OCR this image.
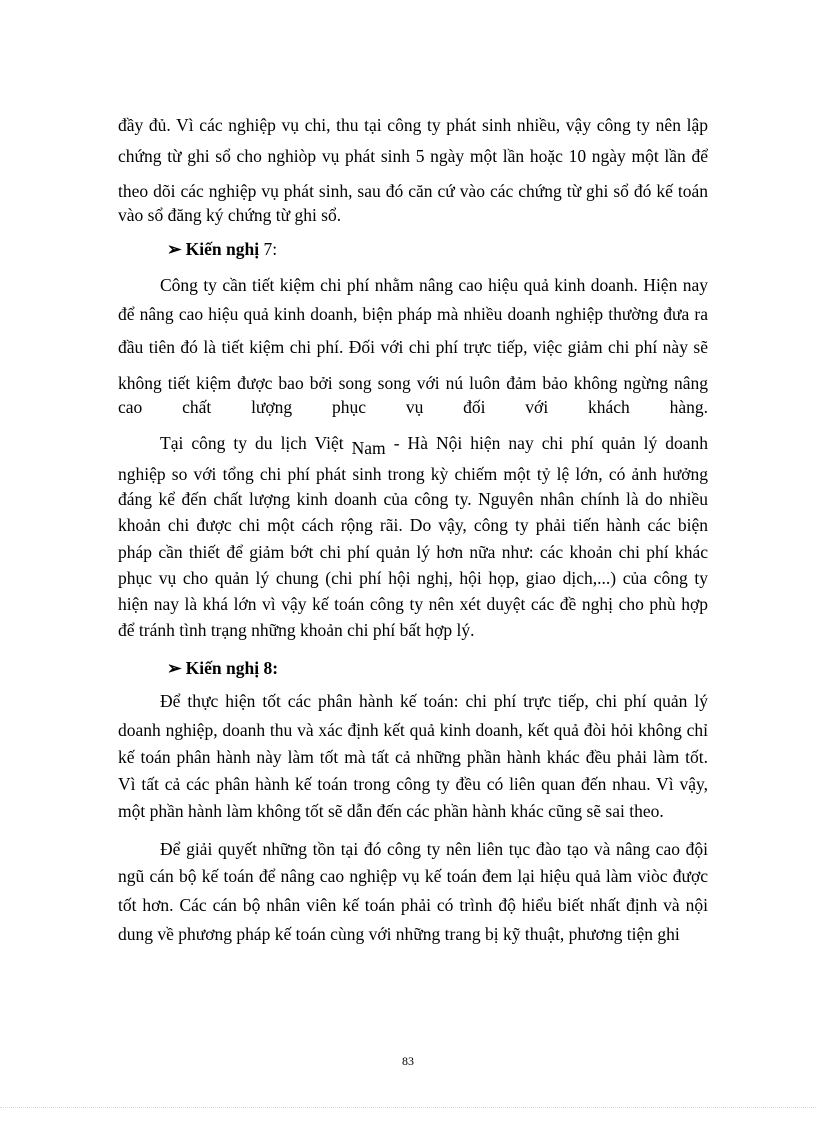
đầy đủ. Vì các nghiệp vụ chi, thu tại công ty phát sinh nhiều, vậy công ty nên lập

chứng từ ghi sổ cho nghiòp vụ phát sinh 5 ngày một lần hoặc 10 ngày một lần để

theo dõi các nghiệp vụ phát sinh, sau đó căn cứ vào các chứng từ ghi sổ đó kế toán

vào sổ đăng ký chứng từ ghi sổ.

➢ Kiến nghị 7:

Công ty cần tiết kiệm chi phí nhằm nâng cao hiệu quả kinh doanh. Hiện nay

để nâng cao hiệu quả kinh doanh, biện pháp mà nhiều doanh nghiệp thường đưa ra

đầu tiên đó là tiết kiệm chi phí. Đối với chi phí trực tiếp, việc giảm chi phí này sẽ

không tiết kiệm được bao bởi song song với nú luôn đảm bảo không ngừng nâng

cao chất lượng phục vụ đối với khách hàng.

Tại công ty du lịch Việt Nam - Hà Nội hiện nay chi phí quản lý doanh

nghiệp so với tổng chi phí phát sinh trong kỳ chiếm một tỷ lệ lớn, có ảnh hưởng

đáng kể đến chất lượng kinh doanh của công ty. Nguyên nhân chính là do nhiều

khoản chi được chi một cách rộng rãi. Do vậy, công ty phải tiến hành các biện

pháp cần thiết để giảm bớt chi phí quản lý hơn nữa như: các khoản chi phí khác

phục vụ cho quản lý chung (chi phí hội nghị, hội họp, giao dịch,...) của công ty

hiện nay là khá lớn vì vậy kế toán công ty nên xét duyệt các đề nghị cho phù hợp

để tránh tình trạng những khoản chi phí bất hợp lý.

➢ Kiến nghị 8:

Để thực hiện tốt các phân hành kế toán: chi phí trực tiếp, chi phí quản lý

doanh nghiệp, doanh thu và xác định kết quả kinh doanh, kết quả đòi hỏi không chỉ

kế toán phân hành này làm tốt mà tất cả những phần hành khác đều phải làm tốt.

Vì tất cả các phân hành kế toán trong công ty đều có liên quan đến nhau. Vì vậy,

một phần hành làm không tốt sẽ dẫn đến các phần hành khác cũng sẽ sai theo.

Để giải quyết những tồn tại đó công ty nên liên tục đào tạo và nâng cao đội

ngũ cán bộ kế toán để nâng cao nghiệp vụ kế toán đem lại hiệu quả làm viòc được

tốt hơn. Các cán bộ nhân viên kế toán phải có trình độ hiểu biết nhất định và nội

dung về phương pháp kế toán cùng với những trang bị kỹ thuật, phương tiện ghi

83
